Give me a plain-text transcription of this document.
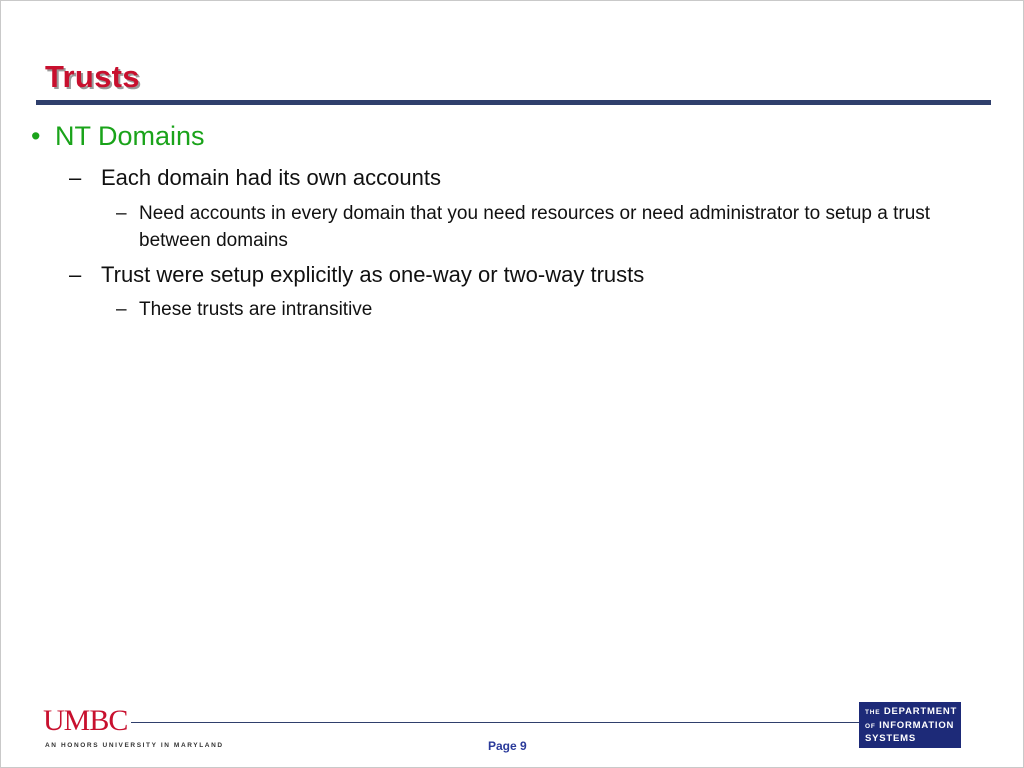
Trusts
• NT Domains
– Each domain had its own accounts
– Need accounts in every domain that you need resources or need administrator to setup a trust between domains
– Trust were setup explicitly as one-way or two-way trusts
– These trusts are intransitive
UMBC
AN HONORS UNIVERSITY IN MARYLAND	Page 9
THE DEPARTMENT
OF INFORMATION
SYSTEMS
